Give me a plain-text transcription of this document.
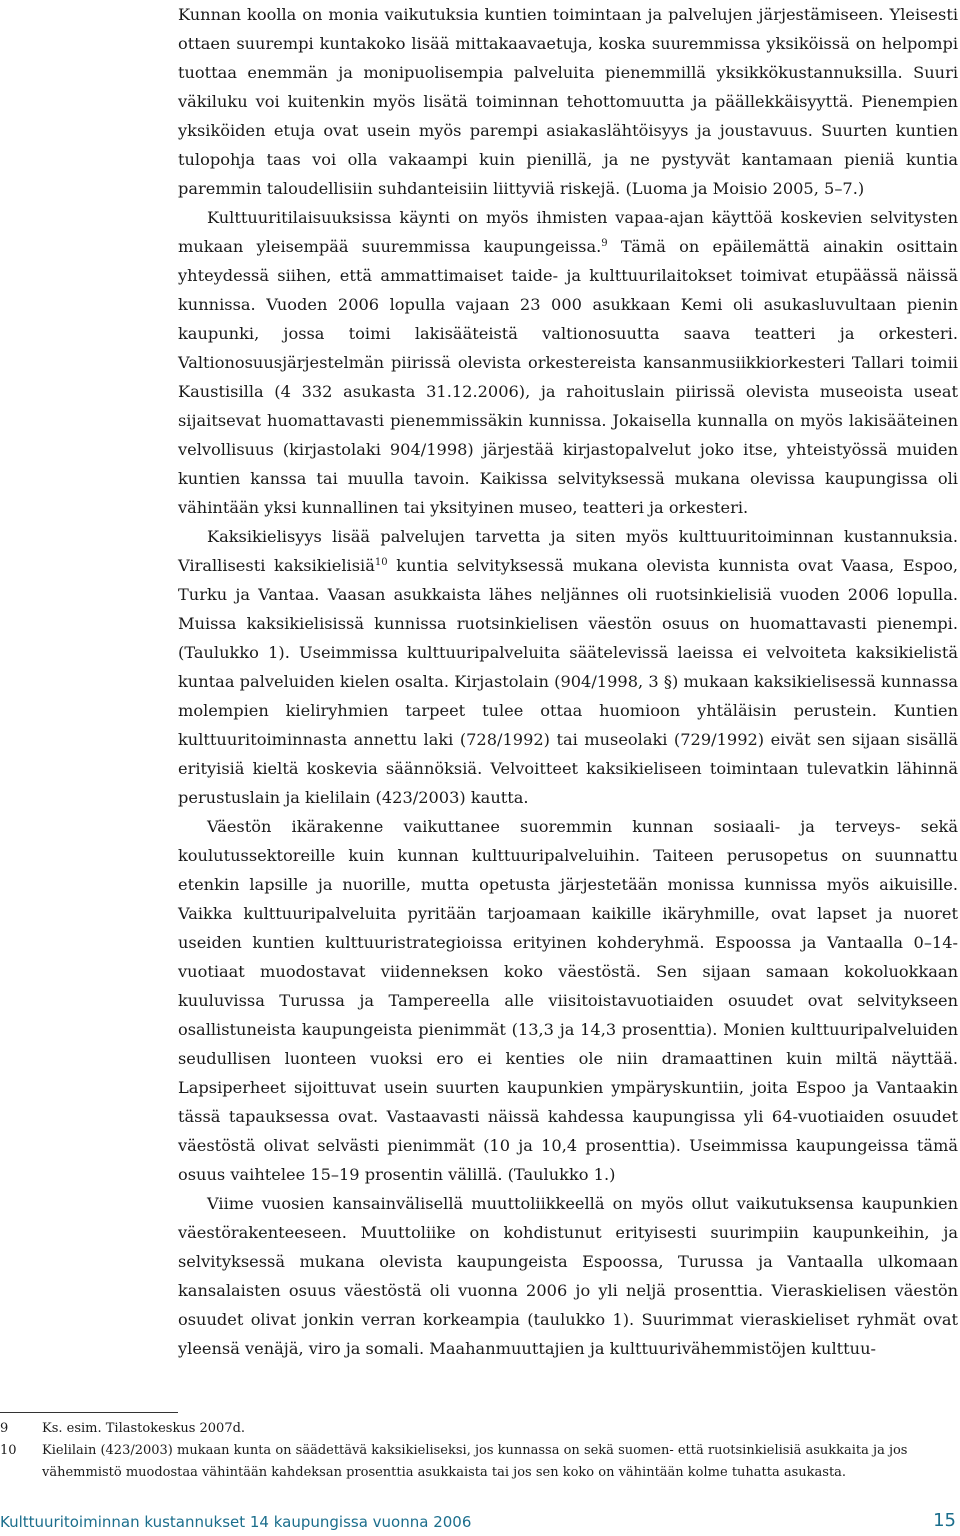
Kunnan koolla on monia vaikutuksia kuntien toimintaan ja palvelujen järjestämiseen. Yleisesti ottaen suurempi kuntakoko lisää mittakaavaetuja, koska suuremmissa yksiköissä on helpompi tuottaa enemmän ja monipuolisempia palveluita pienemmillä yksikkökustannuksilla. Suuri väkiluku voi kuitenkin myös lisätä toiminnan tehottomuutta ja päällekkäisyyttä. Pienempien yksiköiden etuja ovat usein myös parempi asiakaslähtöisyys ja joustavuus. Suurten kuntien tulopohja taas voi olla vakaampi kuin pienillä, ja ne pystyvät kantamaan pieniä kuntia paremmin taloudellisiin suhdanteisiin liittyviä riskejä. (Luoma ja Moisio 2005, 5–7.)

Kulttuuritilaisuuksissa käynti on myös ihmisten vapaa-ajan käyttöä koskevien selvitysten mukaan yleisempää suuremmissa kaupungeissa.$^9$ Tämä on epäilemättä ainakin osittain yhteydessä siihen, että ammattimaiset taide- ja kulttuurilaitokset toimivat etupäässä näissä kunnissa. Vuoden 2006 lopulla vajaan 23 000 asukkaan Kemi oli asukasluvultaan pienin kaupunki, jossa toimi lakisääteistä valtionosuutta saava teatteri ja orkesteri. Valtionosuusjärjestelmän piirissä olevista orkestereista kansanmusiikkiorkesteri Tallari toimii Kaustisilla (4 332 asukasta 31.12.2006), ja rahoituslain piirissä olevista museoista useat sijaitsevat huomattavasti pienemmissäkin kunnissa. Jokaisella kunnalla on myös lakisääteinen velvollisuus (kirjastolaki 904/1998) järjestää kirjastopalvelut joko itse, yhteistyössä muiden kuntien kanssa tai muulla tavoin. Kaikissa selvityksessä mukana olevissa kaupungissa oli vähintään yksi kunnallinen tai yksityinen museo, teatteri ja orkesteri.

Kaksikielisyys lisää palvelujen tarvetta ja siten myös kulttuuritoiminnan kustannuksia. Virallisesti kaksikielisiä$^{10}$ kuntia selvityksessä mukana olevista kunnista ovat Vaasa, Espoo, Turku ja Vantaa. Vaasan asukkaista lähes neljännes oli ruotsinkielisiä vuoden 2006 lopulla. Muissa kaksikielisissä kunnissa ruotsinkielisen väestön osuus on huomattavasti pienempi. (Taulukko 1). Useimmissa kulttuuripalveluita säätelevissä laeissa ei velvoiteta kaksikielistä kuntaa palveluiden kielen osalta. Kirjastolain (904/1998, 3 §) mukaan kaksikielisessä kunnassa molempien kieliryhmien tarpeet tulee ottaa huomioon yhtäläisin perustein. Kuntien kulttuuritoiminnasta annettu laki (728/1992) tai museolaki (729/1992) eivät sen sijaan sisällä erityisiä kieltä koskevia säännöksiä. Velvoitteet kaksikieliseen toimintaan tulevatkin lähinnä perustuslain ja kielilain (423/2003) kautta.

Väestön ikärakenne vaikuttanee suoremmin kunnan sosiaali- ja terveys- sekä koulutussektoreille kuin kunnan kulttuuripalveluihin. Taiteen perusopetus on suunnattu etenkin lapsille ja nuorille, mutta opetusta järjestetään monissa kunnissa myös aikuisille. Vaikka kulttuuripalveluita pyritään tarjoamaan kaikille ikäryhmille, ovat lapset ja nuoret useiden kuntien kulttuuristrategioissa erityinen kohderyhmä. Espoossa ja Vantaalla 0–14-vuotiaat muodostavat viidenneksen koko väestöstä. Sen sijaan samaan kokoluokkaan kuuluvissa Turussa ja Tampereella alle viisitoistavuotiaiden osuudet ovat selvitykseen osallistuneista kaupungeista pienimmät (13,3 ja 14,3 prosenttia). Monien kulttuuripalveluiden seudullisen luonteen vuoksi ero ei kenties ole niin dramaattinen kuin miltä näyttää. Lapsiperheet sijoittuvat usein suurten kaupunkien ympäryskuntiin, joita Espoo ja Vantaakin tässä tapauksessa ovat. Vastaavasti näissä kahdessa kaupungissa yli 64-vuotiaiden osuudet väestöstä olivat selvästi pienimmät (10 ja 10,4 prosenttia). Useimmissa kaupungeissa tämä osuus vaihtelee 15–19 prosentin välillä. (Taulukko 1.)

Viime vuosien kansainvälisellä muuttoliikkeellä on myös ollut vaikutuksensa kaupunkien väestörakenteeseen. Muuttoliike on kohdistunut erityisesti suurimpiin kaupunkeihin, ja selvityksessä mukana olevista kaupungeista Espoossa, Turussa ja Vantaalla ulkomaan kansalaisten osuus väestöstä oli vuonna 2006 jo yli neljä prosenttia. Vieraskielisen väestön osuudet olivat jonkin verran korkeampia (taulukko 1). Suurimmat vieraskieliset ryhmät ovat yleensä venäjä, viro ja somali. Maahanmuuttajien ja kulttuurivähemmistöjen kulttuu-

9	Ks. esim. Tilastokeskus 2007d.
10	Kielilain (423/2003) mukaan kunta on säädettävä kaksikieliseksi, jos kunnassa on sekä suomen- että ruotsinkielisiä asukkaita ja jos vähemmistö muodostaa vähintään kahdeksan prosenttia asukkaista tai jos sen koko on vähintään kolme tuhatta asukasta.
Kulttuuritoiminnan kustannukset 14 kaupungissa vuonna 2006	15
